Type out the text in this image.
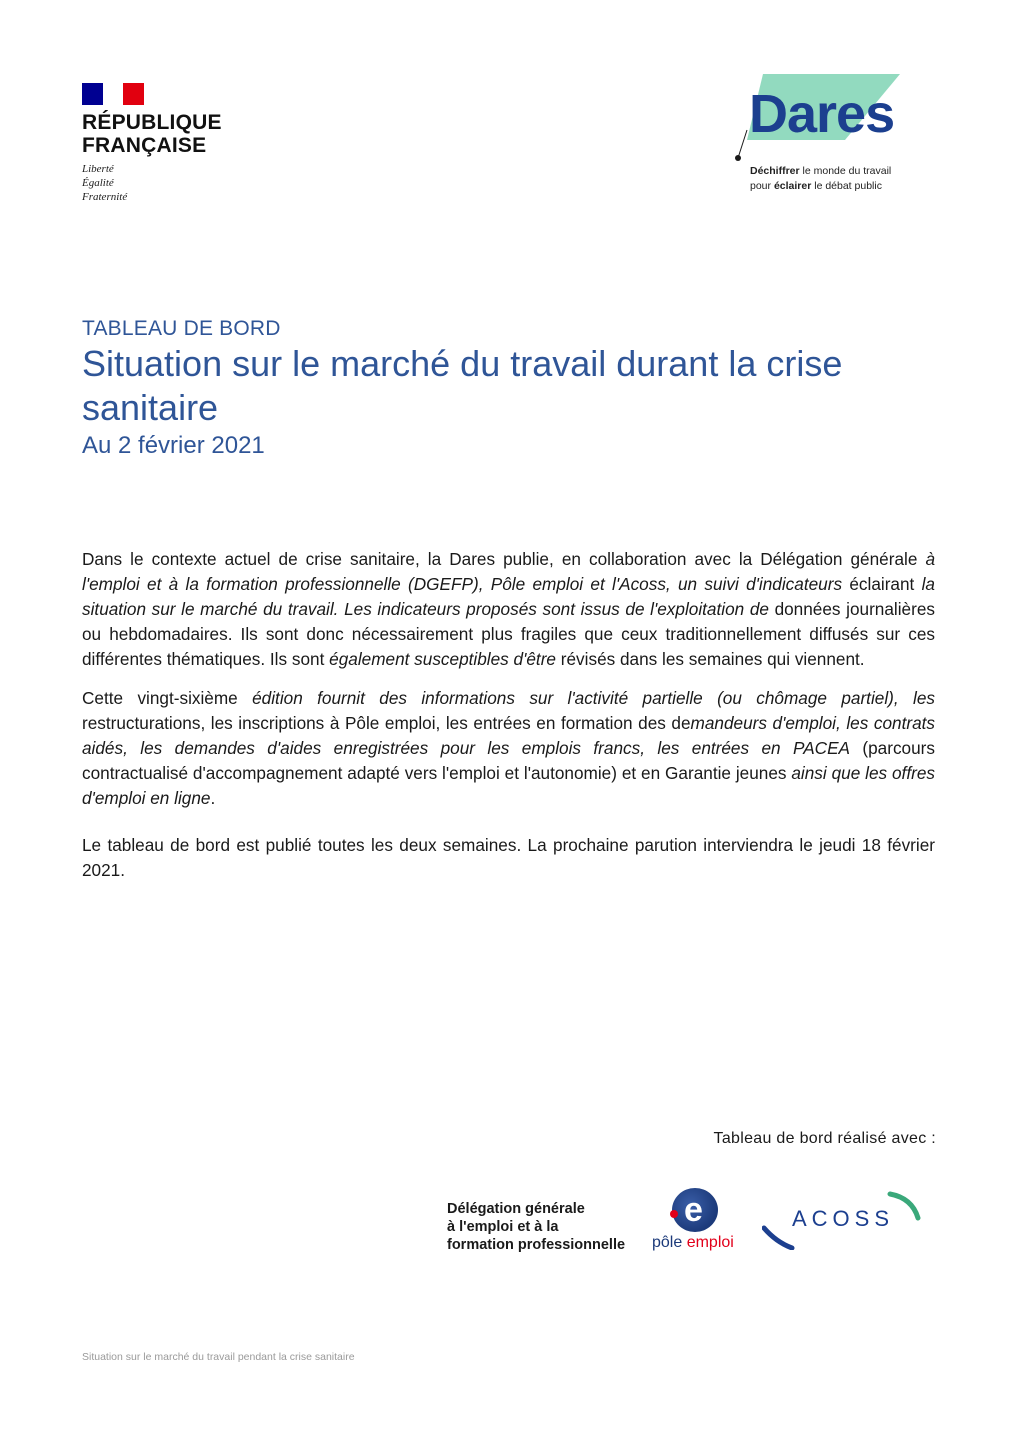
RÉPUBLIQUE
FRANÇAISE
Liberté
Égalité
Fraternité
Dares
Déchiffrer le monde du travail
pour éclairer le débat public
TABLEAU DE BORD
Situation sur le marché du travail durant la crise sanitaire
Au 2 février 2021

Dans le contexte actuel de crise sanitaire, la Dares publie, en collaboration avec la Délégation générale à l'emploi et à la formation professionnelle (DGEFP), Pôle emploi et l'Acoss, un suivi d'indicateurs éclairant la situation sur le marché du travail. Les indicateurs proposés sont issus de l'exploitation de données journalières ou hebdomadaires. Ils sont donc nécessairement plus fragiles que ceux traditionnellement diffusés sur ces différentes thématiques. Ils sont également susceptibles d'être révisés dans les semaines qui viennent.

Cette vingt-sixième édition fournit des informations sur l'activité partielle (ou chômage partiel), les restructurations, les inscriptions à Pôle emploi, les entrées en formation des demandeurs d'emploi, les contrats aidés, les demandes d'aides enregistrées pour les emplois francs, les entrées en PACEA (parcours contractualisé d'accompagnement adapté vers l'emploi et l'autonomie) et en Garantie jeunes ainsi que les offres d'emploi en ligne.

Le tableau de bord est publié toutes les deux semaines. La prochaine parution interviendra le jeudi 18 février 2021.

Tableau de bord réalisé avec :
Délégation générale
à l'emploi et à la
formation professionnelle
e
pôle emploi
ACOSS
Situation sur le marché du travail pendant la crise sanitaire
